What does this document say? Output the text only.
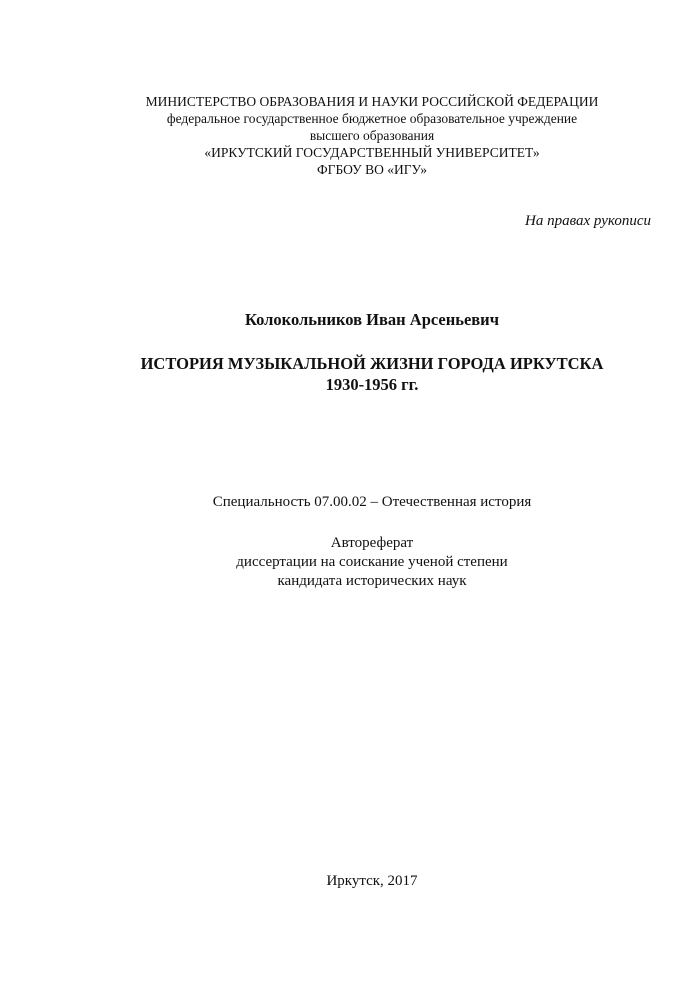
МИНИСТЕРСТВО ОБРАЗОВАНИЯ И НАУКИ РОССИЙСКОЙ ФЕДЕРАЦИИ
федеральное государственное бюджетное образовательное учреждение
высшего образования
«ИРКУТСКИЙ ГОСУДАРСТВЕННЫЙ УНИВЕРСИТЕТ»
ФГБОУ ВО «ИГУ»
На правах рукописи
Колокольников Иван Арсеньевич
ИСТОРИЯ МУЗЫКАЛЬНОЙ ЖИЗНИ ГОРОДА ИРКУТСКА
1930-1956 гг.
Специальность 07.00.02 – Отечественная история
Автореферат
диссертации на соискание ученой степени
кандидата исторических наук
Иркутск, 2017
